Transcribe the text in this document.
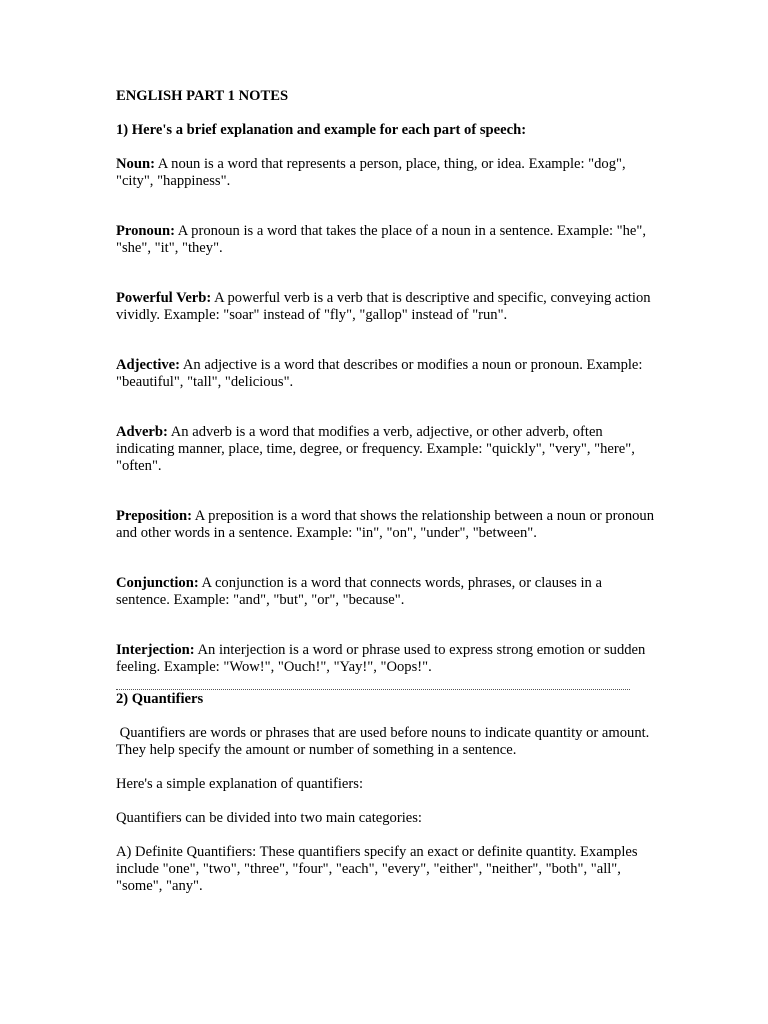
ENGLISH PART 1 NOTES
1) Here's a brief explanation and example for each part of speech:
Noun: A noun is a word that represents a person, place, thing, or idea. Example: "dog", "city", "happiness".
Pronoun: A pronoun is a word that takes the place of a noun in a sentence. Example: "he", "she", "it", "they".
Powerful Verb: A powerful verb is a verb that is descriptive and specific, conveying action vividly. Example: "soar" instead of "fly", "gallop" instead of "run".
Adjective: An adjective is a word that describes or modifies a noun or pronoun. Example: "beautiful", "tall", "delicious".
Adverb: An adverb is a word that modifies a verb, adjective, or other adverb, often indicating manner, place, time, degree, or frequency. Example: "quickly", "very", "here", "often".
Preposition: A preposition is a word that shows the relationship between a noun or pronoun and other words in a sentence. Example: "in", "on", "under", "between".
Conjunction: A conjunction is a word that connects words, phrases, or clauses in a sentence. Example: "and", "but", "or", "because".
Interjection: An interjection is a word or phrase used to express strong emotion or sudden feeling. Example: "Wow!", "Ouch!", "Yay!", "Oops!".
2) Quantifiers
Quantifiers are words or phrases that are used before nouns to indicate quantity or amount. They help specify the amount or number of something in a sentence.
Here's a simple explanation of quantifiers:
Quantifiers can be divided into two main categories:
A) Definite Quantifiers: These quantifiers specify an exact or definite quantity. Examples include "one", "two", "three", "four", "each", "every", "either", "neither", "both", "all", "some", "any".
